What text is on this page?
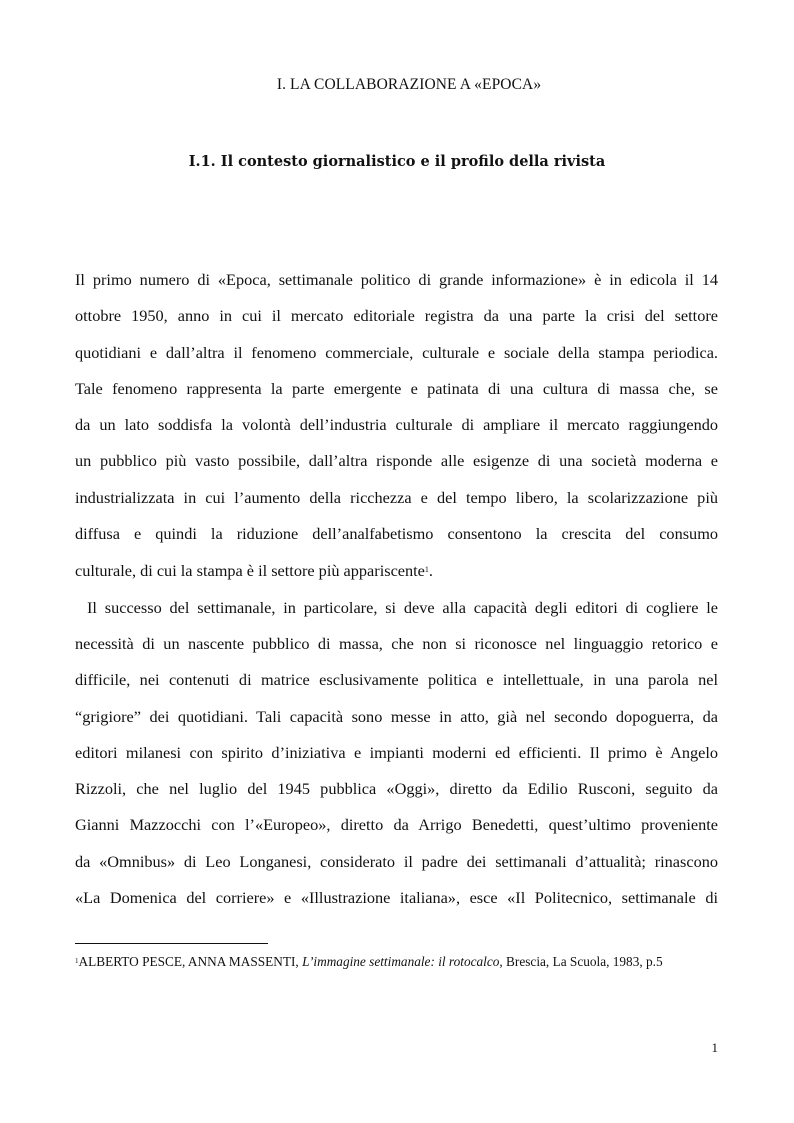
I. LA COLLABORAZIONE A «EPOCA»
I.1. Il contesto giornalistico e il profilo della rivista
Il primo numero di «Epoca, settimanale politico di grande informazione» è in edicola il 14
ottobre 1950, anno in cui il mercato editoriale registra da una parte la crisi del settore
quotidiani e dall’altra il fenomeno commerciale, culturale e sociale della stampa periodica.
Tale fenomeno rappresenta la parte emergente e patinata di una cultura di massa che, se
da un lato soddisfa la volontà dell’industria culturale di ampliare il mercato raggiungendo
un pubblico più vasto possibile, dall’altra risponde alle esigenze di una società moderna e
industrializzata in cui l’aumento della ricchezza e del tempo libero, la scolarizzazione più
diffusa e quindi la riduzione dell’analfabetismo consentono la crescita del consumo
culturale, di cui la stampa è il settore più appariscente$^1$.
Il successo del settimanale, in particolare, si deve alla capacità degli editori di cogliere le
necessità di un nascente pubblico di massa, che non si riconosce nel linguaggio retorico e
difficile, nei contenuti di matrice esclusivamente politica e intellettuale, in una parola nel
“grigiore” dei quotidiani. Tali capacità sono messe in atto, già nel secondo dopoguerra, da
editori milanesi con spirito d’iniziativa e impianti moderni ed efficienti. Il primo è Angelo
Rizzoli, che nel luglio del 1945 pubblica «Oggi», diretto da Edilio Rusconi, seguito da
Gianni Mazzocchi con l’«Europeo», diretto da Arrigo Benedetti, quest’ultimo proveniente
da «Omnibus» di Leo Longanesi, considerato il padre dei settimanali d’attualità; rinascono
«La Domenica del corriere» e «Illustrazione italiana», esce «Il Politecnico, settimanale di
$^1$ALBERTO PESCE, ANNA MASSENTI, L’immagine settimanale: il rotocalco, Brescia, La Scuola, 1983, p.5
1
